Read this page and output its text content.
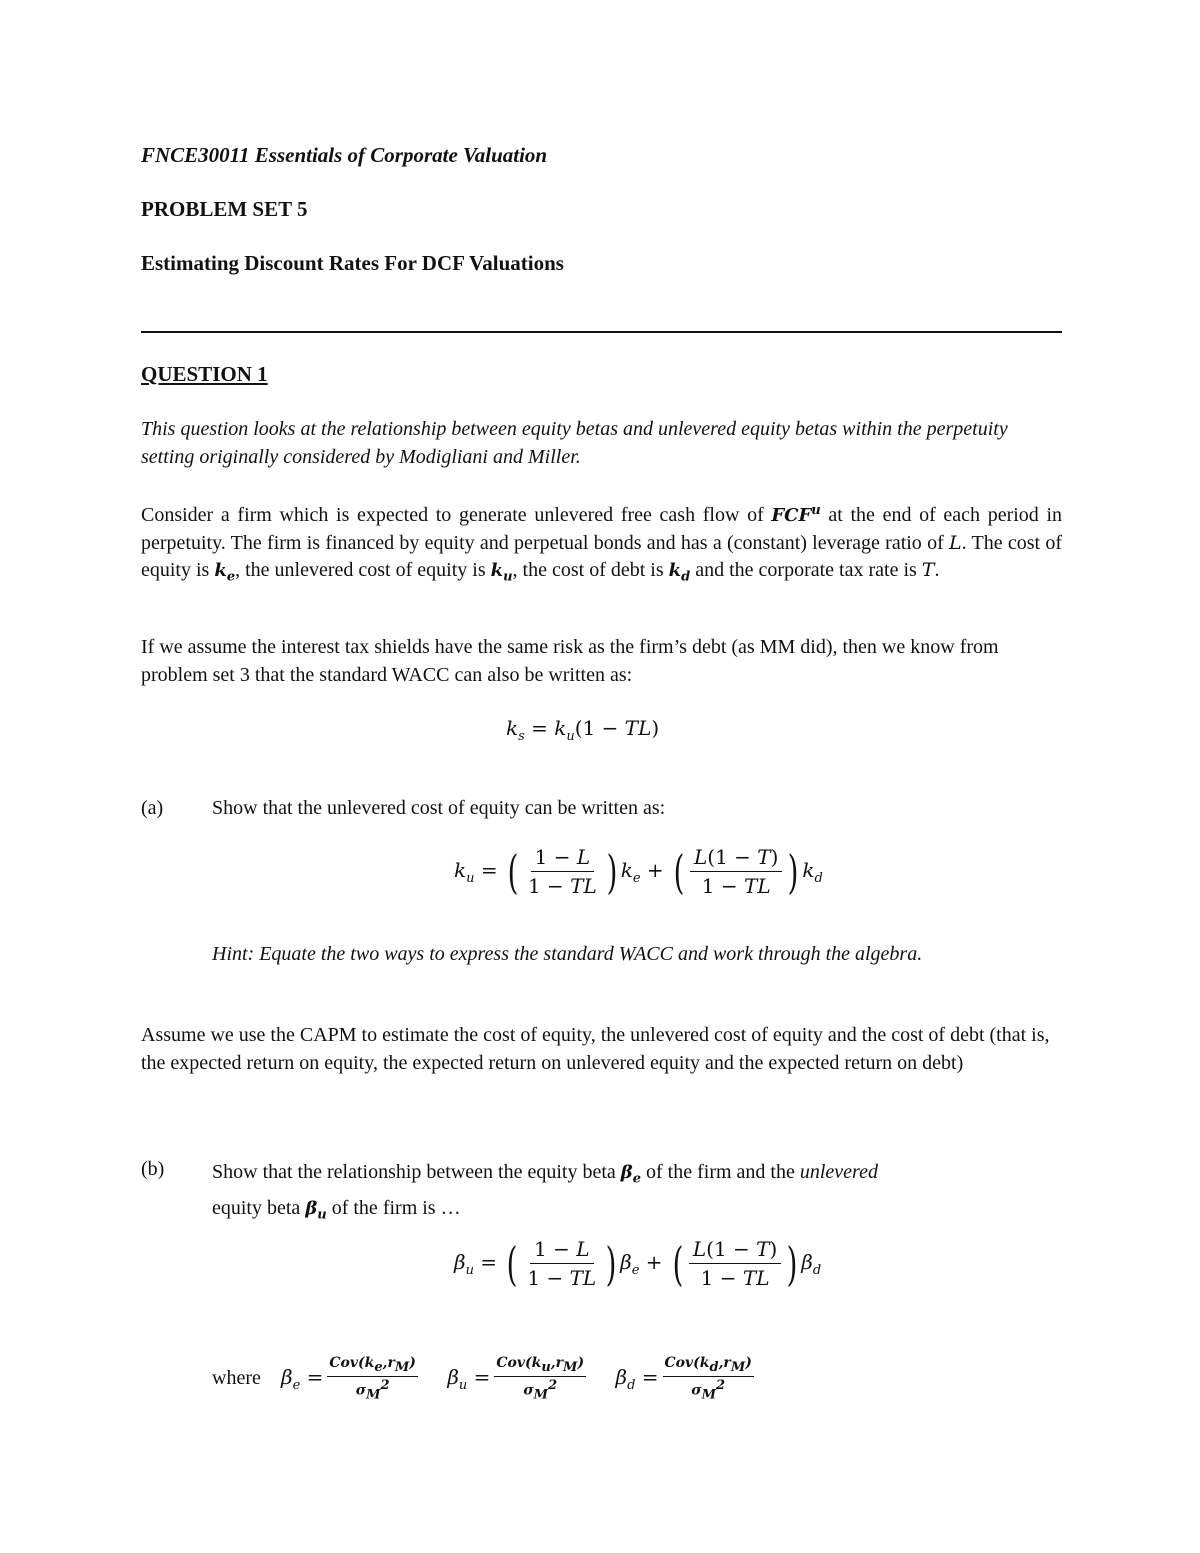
FNCE30011 Essentials of Corporate Valuation
PROBLEM SET 5
Estimating Discount Rates For DCF Valuations
QUESTION 1
This question looks at the relationship between equity betas and unlevered equity betas within the perpetuity setting originally considered by Modigliani and Miller.
Consider a firm which is expected to generate unlevered free cash flow of FCF$^u$ at the end of each period in perpetuity. The firm is financed by equity and perpetual bonds and has a (constant) leverage ratio of L. The cost of equity is $k_e$, the unlevered cost of equity is $k_u$, the cost of debt is $k_d$ and the corporate tax rate is T.
If we assume the interest tax shields have the same risk as the firm’s debt (as MM did), then we know from problem set 3 that the standard WACC can also be written as:
$k_s = k_u(1 - TL)$
(a) Show that the unlevered cost of equity can be written as:
$k_u$ = ( $\frac{1 - L}{1 - TL}$ ) $k_e$ + ( $\frac{L(1 - T)}{1 - TL}$ ) $k_d$
Hint: Equate the two ways to express the standard WACC and work through the algebra.
Assume we use the CAPM to estimate the cost of equity, the unlevered cost of equity and the cost of debt (that is, the expected return on equity, the expected return on unlevered equity and the expected return on debt)
(b) Show that the relationship between the equity beta $\beta_e$ of the firm and the unlevered
equity beta $\beta_u$ of the firm is …
$\beta_u$ = ( $\frac{1 - L}{1 - TL}$ ) $\beta_e$ + ( $\frac{L(1 - T)}{1 - TL}$ ) $\beta_d$
where $\beta_e = \frac{Cov(k_e,r_M)}{\sigma_M^2} \beta_u = \frac{Cov(k_u,r_M)}{\sigma_M^2} \beta_d = \frac{Cov(k_d,r_M)}{\sigma_M^2}$
